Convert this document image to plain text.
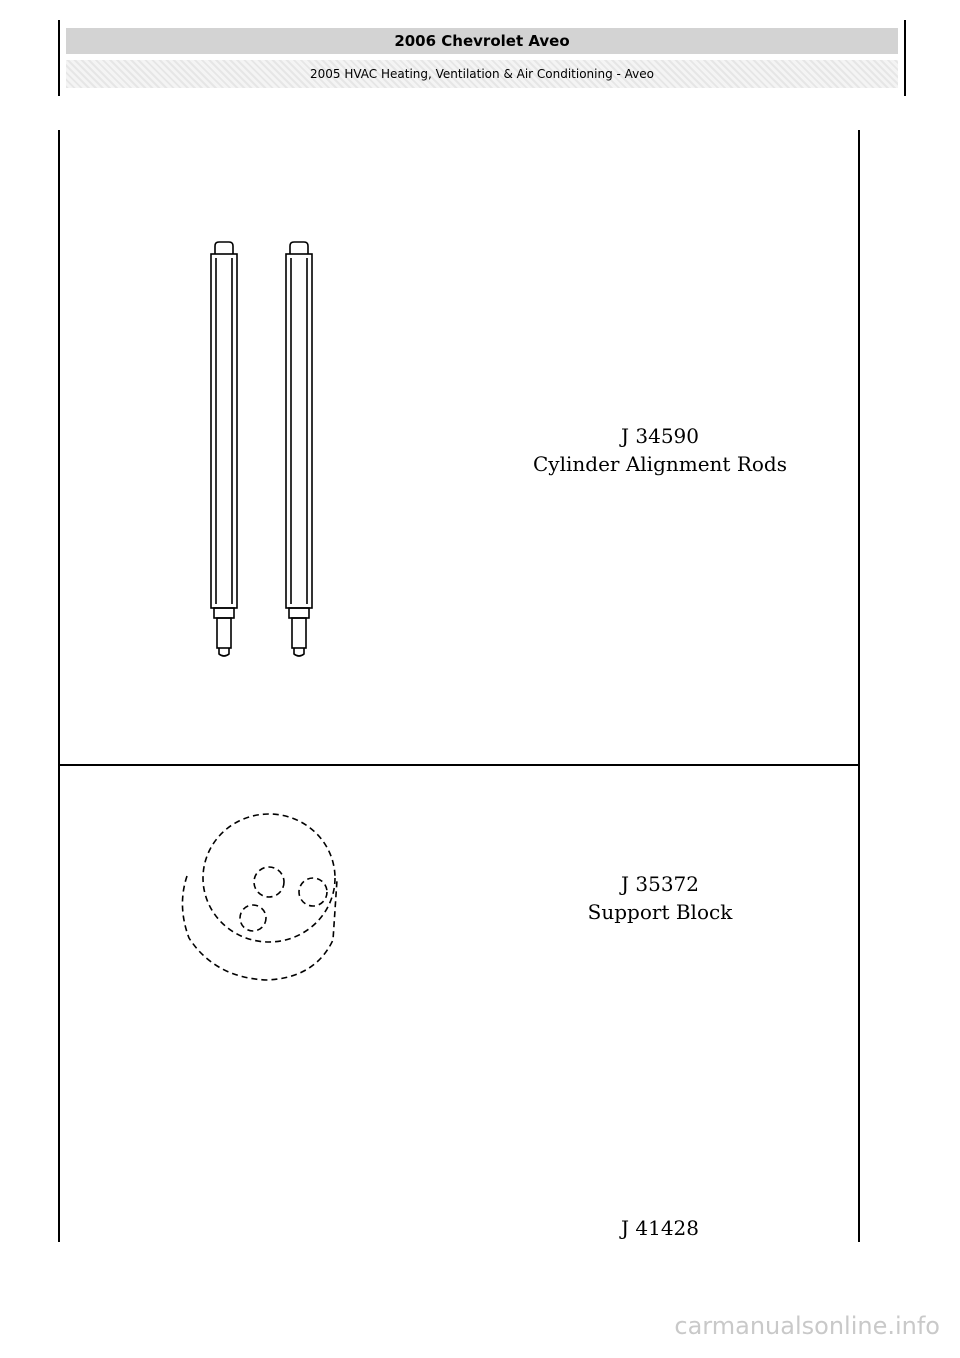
2006 Chevrolet Aveo
2005 HVAC Heating, Ventilation & Air Conditioning - Aveo
J 34590
Cylinder Alignment Rods
J 35372
Support Block
J 41428
carmanualsonline.info
